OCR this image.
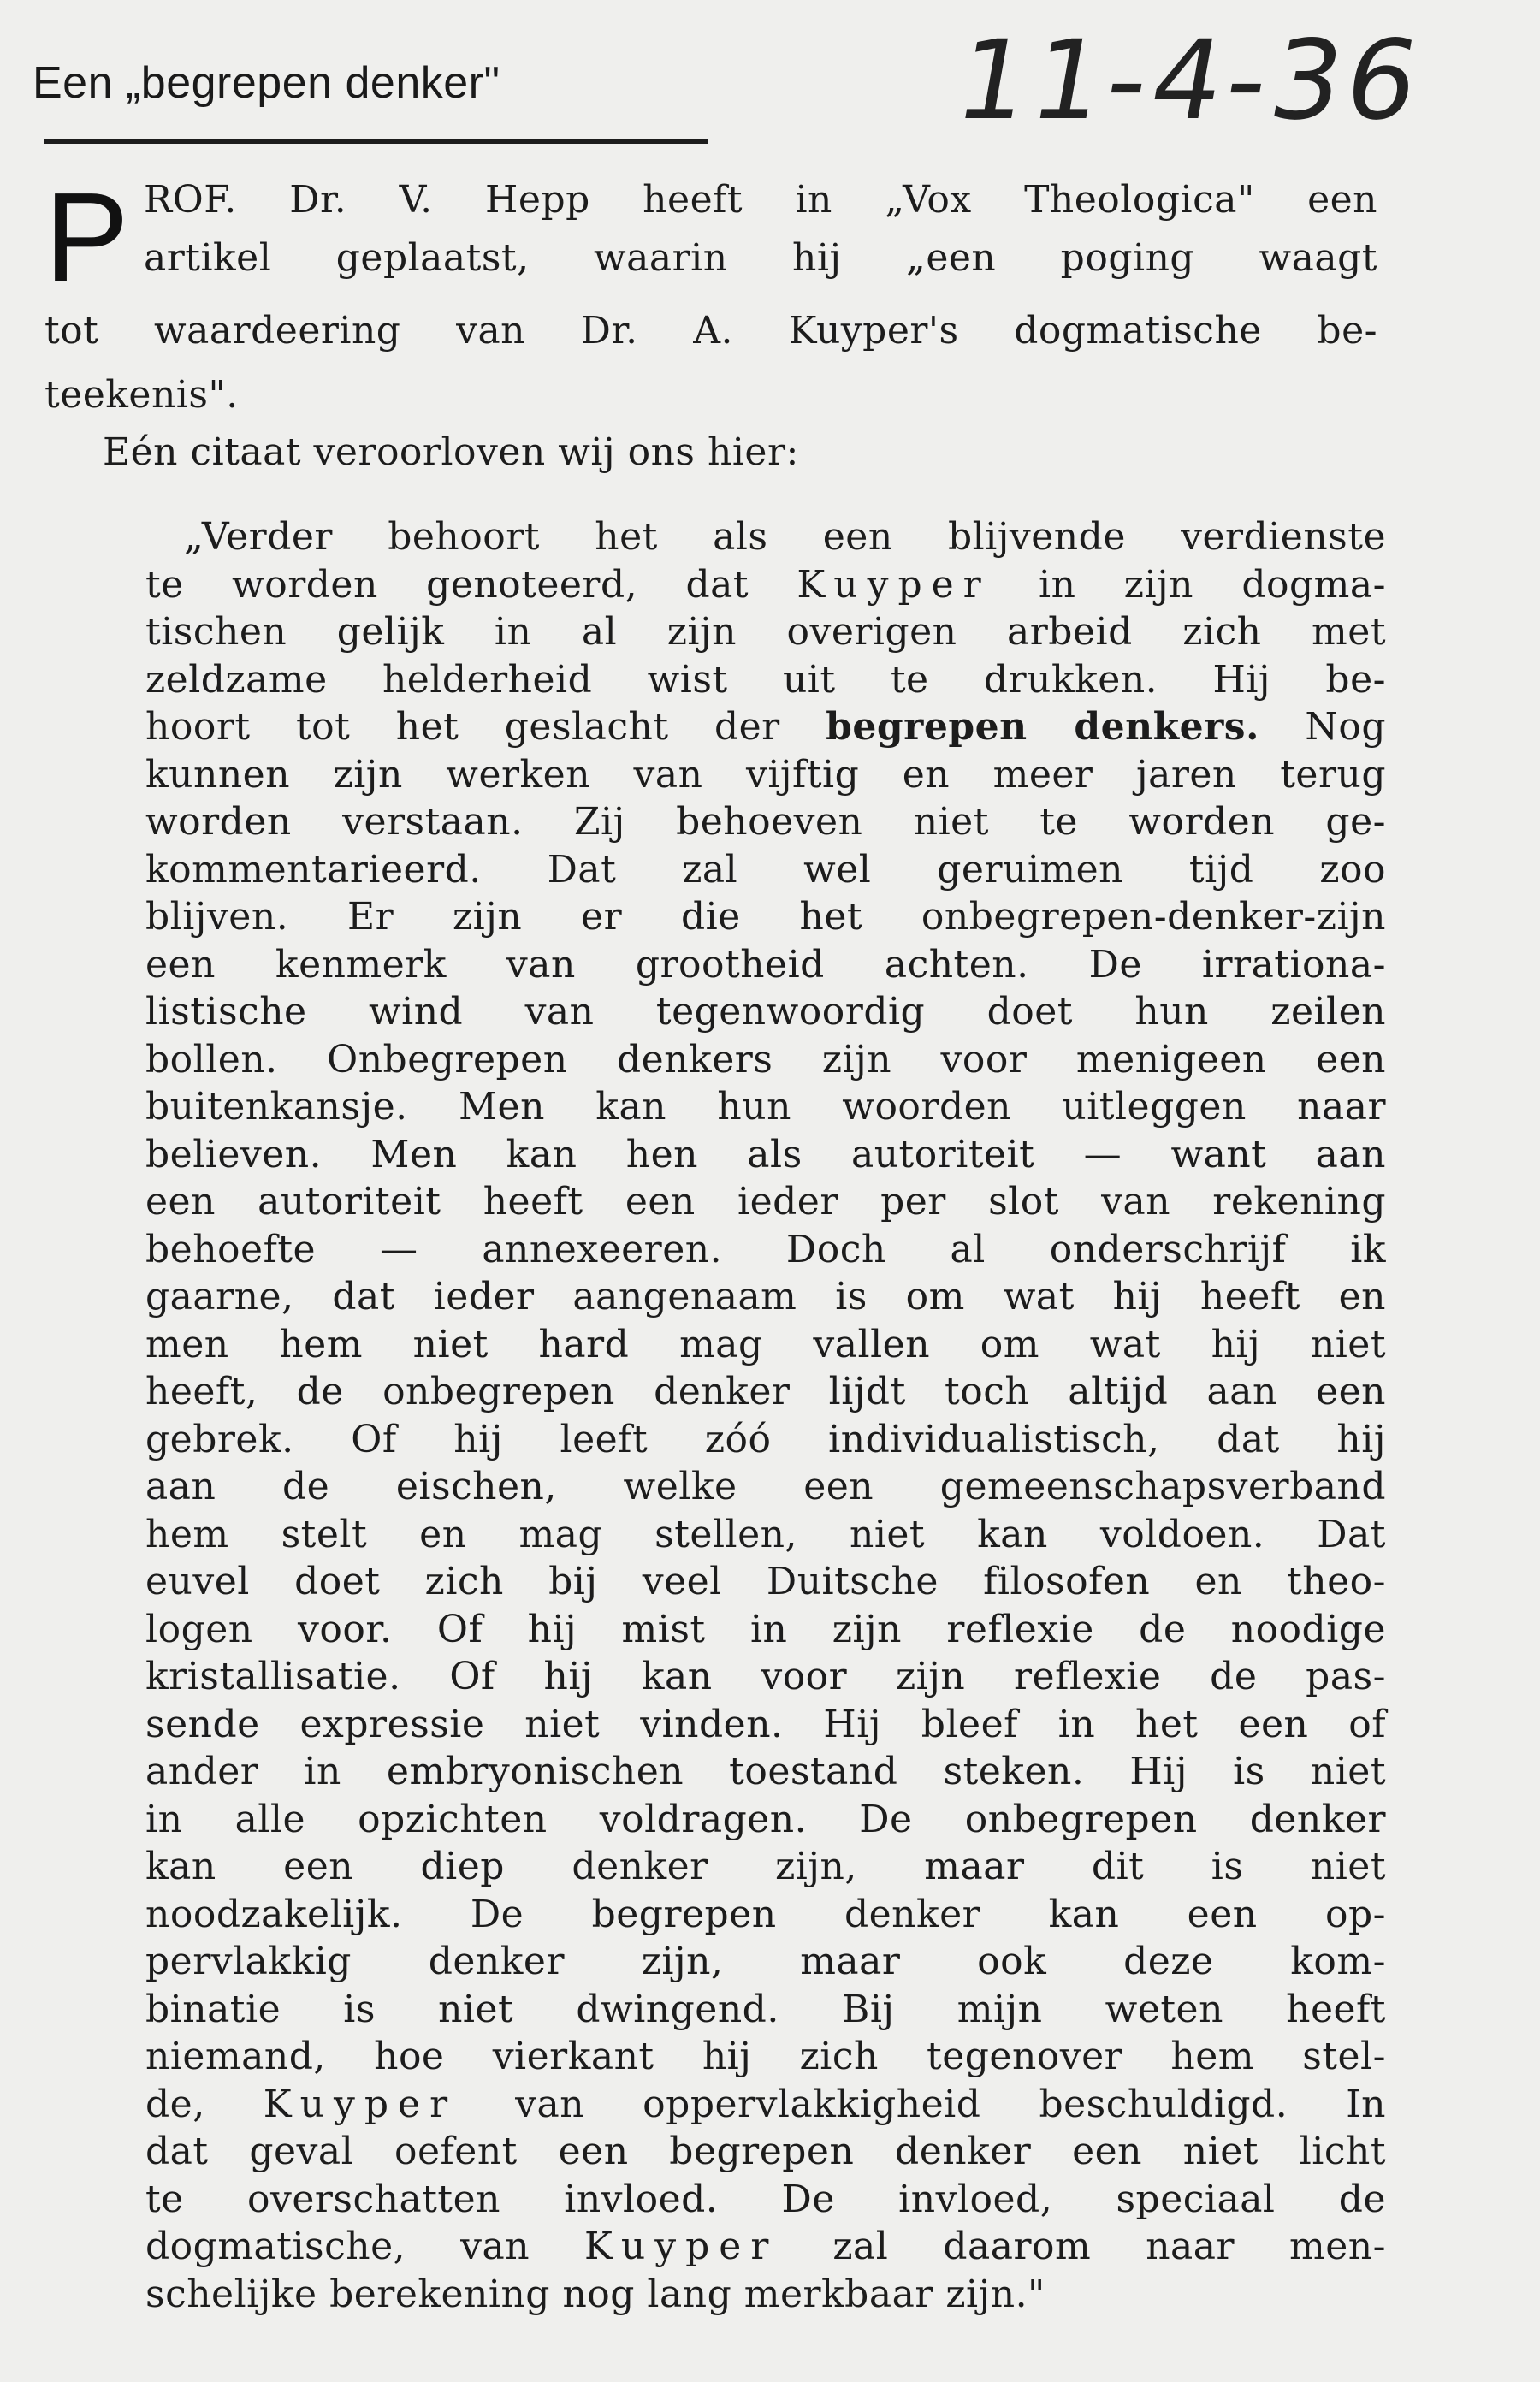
Een „begrepen denker"	11-4-36
P ROF. Dr. V. Hepp heeft in „Vox Theologica" een
artikel geplaatst, waarin hij „een poging waagt
tot waardeering van Dr. A. Kuyper's dogmatische be-
teekenis".
Eén citaat veroorloven wij ons hier:
„Verder behoort het als een blijvende verdienste
te worden genoteerd, dat Kuyper in zijn dogma-
tischen gelijk in al zijn overigen arbeid zich met
zeldzame helderheid wist uit te drukken. Hij be-
hoort tot het geslacht der begrepen denkers. Nog
kunnen zijn werken van vijftig en meer jaren terug
worden verstaan. Zij behoeven niet te worden ge-
kommentarieerd. Dat zal wel geruimen tijd zoo
blijven. Er zijn er die het onbegrepen-denker-zijn
een kenmerk van grootheid achten. De irrationa-
listische wind van tegenwoordig doet hun zeilen
bollen. Onbegrepen denkers zijn voor menigeen een
buitenkansje. Men kan hun woorden uitleggen naar
believen. Men kan hen als autoriteit — want aan
een autoriteit heeft een ieder per slot van rekening
behoefte — annexeeren. Doch al onderschrijf ik
gaarne, dat ieder aangenaam is om wat hij heeft en
men hem niet hard mag vallen om wat hij niet
heeft, de onbegrepen denker lijdt toch altijd aan een
gebrek. Of hij leeft zóó individualistisch, dat hij
aan de eischen, welke een gemeenschapsverband
hem stelt en mag stellen, niet kan voldoen. Dat
euvel doet zich bij veel Duitsche filosofen en theo-
logen voor. Of hij mist in zijn reflexie de noodige
kristallisatie. Of hij kan voor zijn reflexie de pas-
sende expressie niet vinden. Hij bleef in het een of
ander in embryonischen toestand steken. Hij is niet
in alle opzichten voldragen. De onbegrepen denker
kan een diep denker zijn, maar dit is niet
noodzakelijk. De begrepen denker kan een op-
pervlakkig denker zijn, maar ook deze kom-
binatie is niet dwingend. Bij mijn weten heeft
niemand, hoe vierkant hij zich tegenover hem stel-
de, Kuyper van oppervlakkigheid beschuldigd. In
dat geval oefent een begrepen denker een niet licht
te overschatten invloed. De invloed, speciaal de
dogmatische, van Kuyper zal daarom naar men-
schelijke berekening nog lang merkbaar zijn."
